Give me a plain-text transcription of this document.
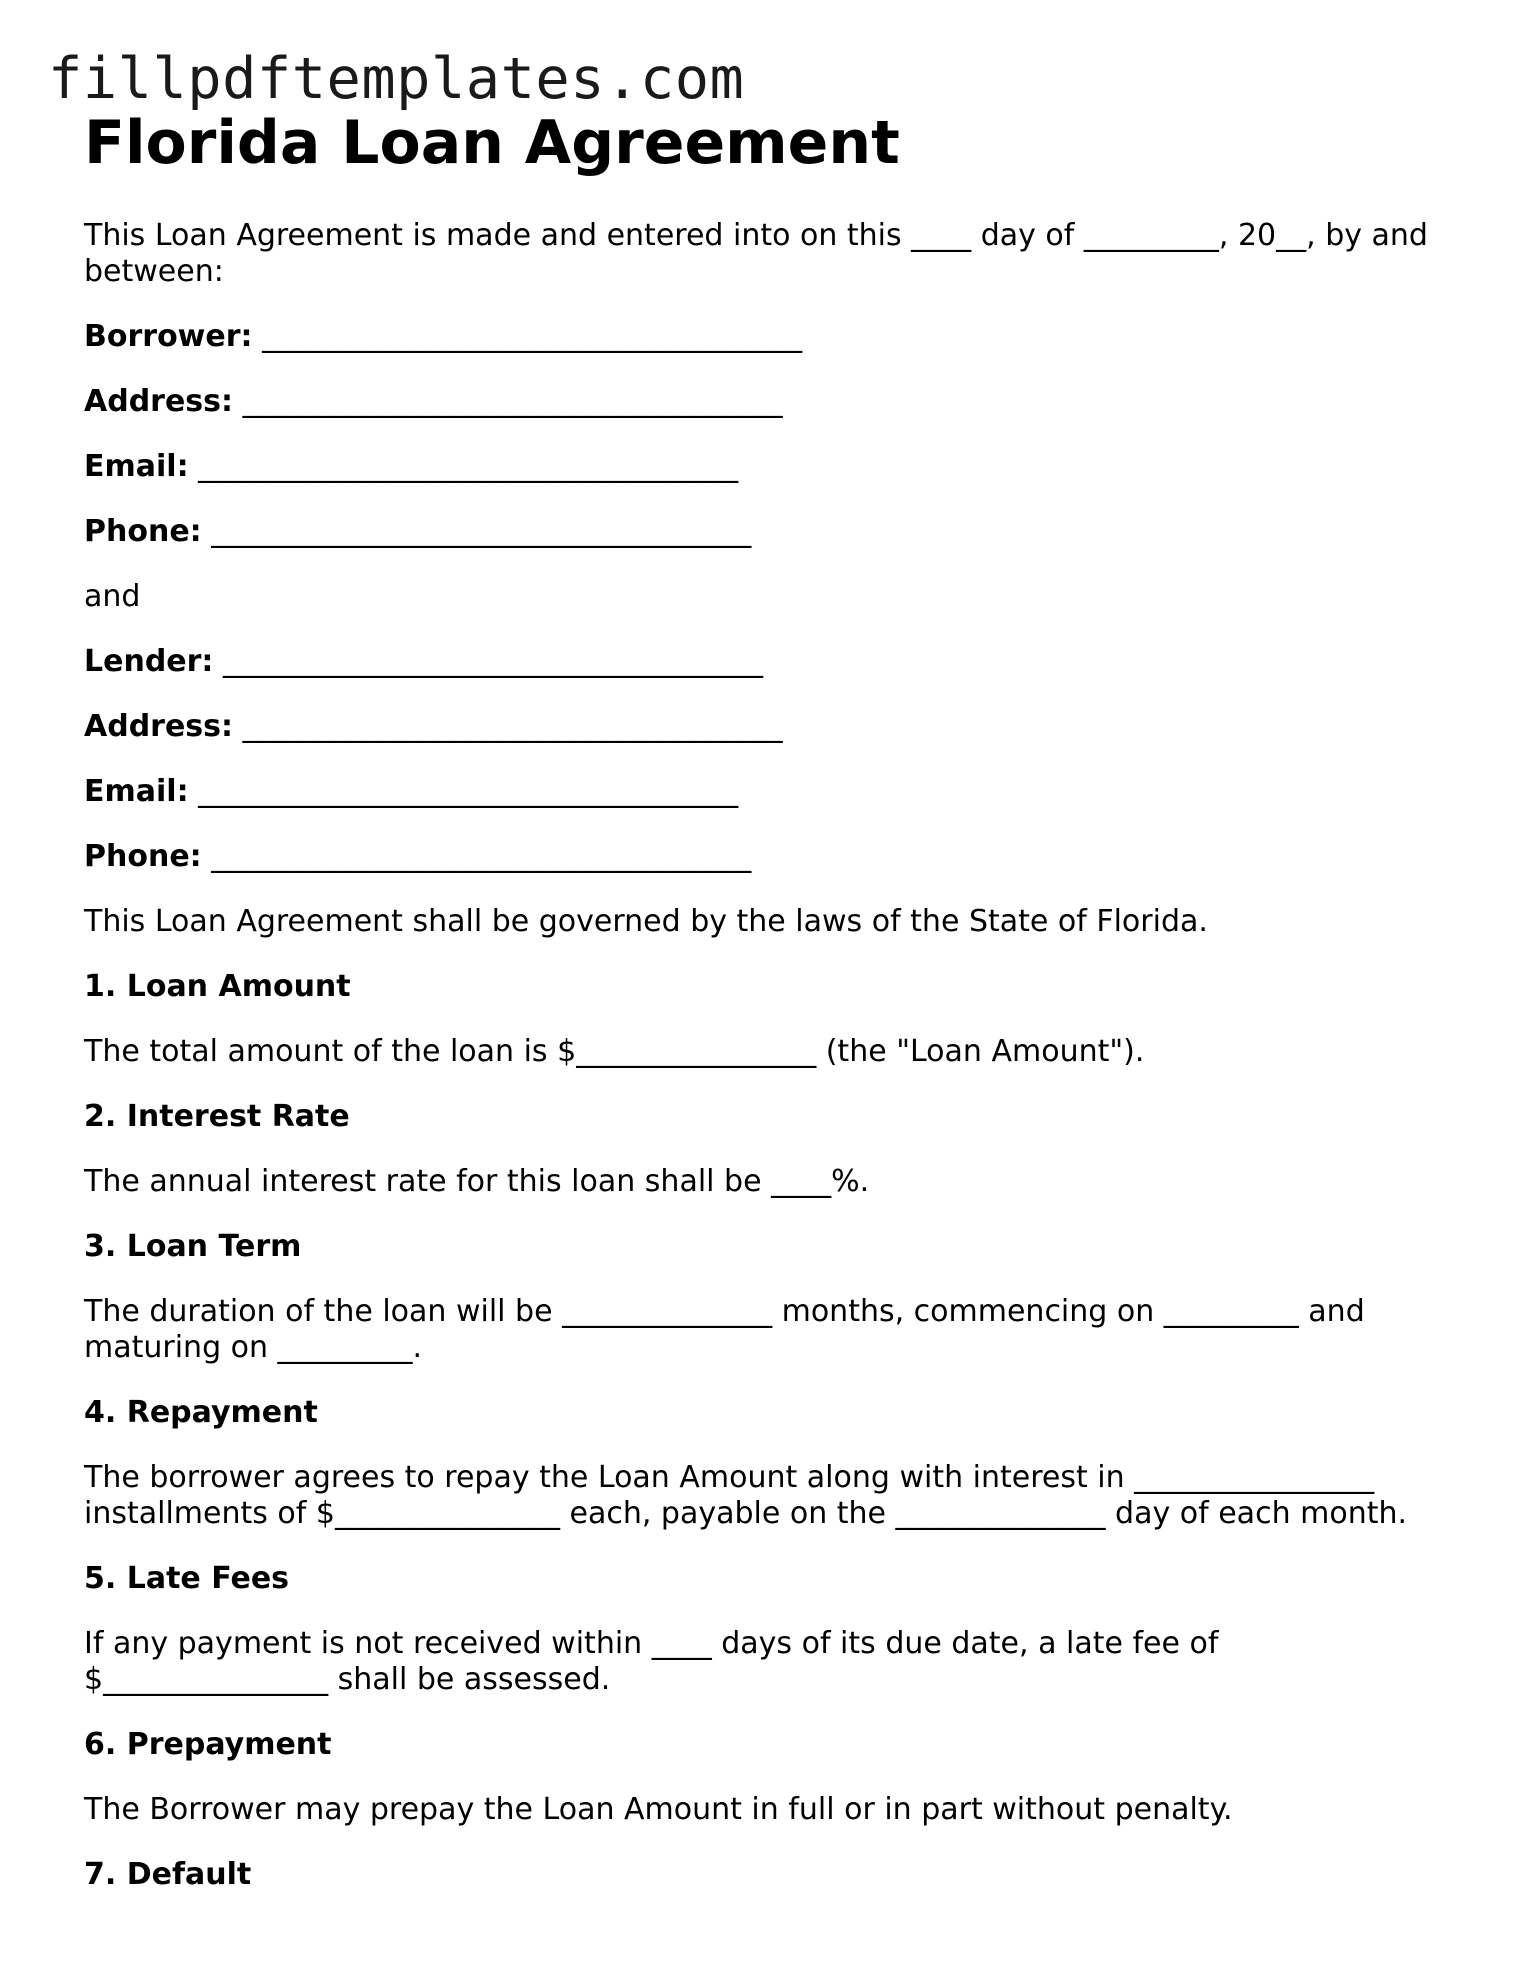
fillpdftemplates.com
Florida Loan Agreement

This Loan Agreement is made and entered into on this ____ day of _________, 20__, by and between:

Borrower: ____________________________________
Address: ____________________________________
Email: ____________________________________
Phone: ____________________________________

and

Lender: ____________________________________
Address: ____________________________________
Email: ____________________________________
Phone: ____________________________________

This Loan Agreement shall be governed by the laws of the State of Florida.

1. Loan Amount

The total amount of the loan is $________________ (the "Loan Amount").

2. Interest Rate

The annual interest rate for this loan shall be ____%.

3. Loan Term

The duration of the loan will be ______________ months, commencing on _________ and maturing on _________.

4. Repayment

The borrower agrees to repay the Loan Amount along with interest in ________________ installments of $_______________ each, payable on the ______________ day of each month.

5. Late Fees

If any payment is not received within ____ days of its due date, a late fee of $_______________ shall be assessed.

6. Prepayment

The Borrower may prepay the Loan Amount in full or in part without penalty.

7. Default
